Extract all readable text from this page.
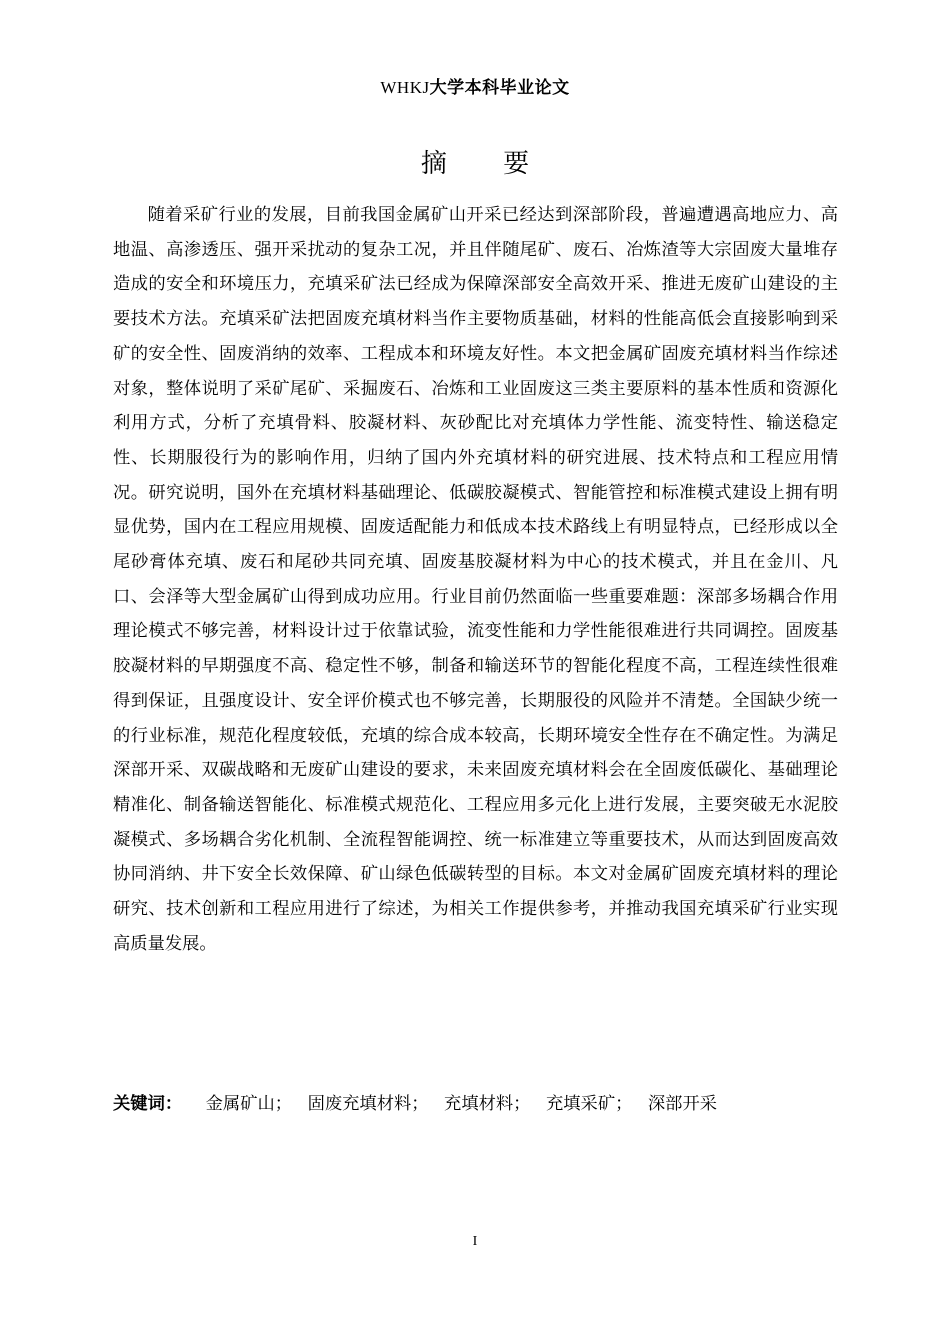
WHKJ大学本科毕业论文
摘 要

随着采矿行业的发展，目前我国金属矿山开采已经达到深部阶段，普遍遭遇高地应力、高地温、高渗透压、强开采扰动的复杂工况，并且伴随尾矿、废石、冶炼渣等大宗固废大量堆存造成的安全和环境压力，充填采矿法已经成为保障深部安全高效开采、推进无废矿山建设的主要技术方法。充填采矿法把固废充填材料当作主要物质基础，材料的性能高低会直接影响到采矿的安全性、固废消纳的效率、工程成本和环境友好性。本文把金属矿固废充填材料当作综述对象，整体说明了采矿尾矿、采掘废石、冶炼和工业固废这三类主要原料的基本性质和资源化利用方式，分析了充填骨料、胶凝材料、灰砂配比对充填体力学性能、流变特性、输送稳定性、长期服役行为的影响作用，归纳了国内外充填材料的研究进展、技术特点和工程应用情况。研究说明，国外在充填材料基础理论、低碳胶凝模式、智能管控和标准模式建设上拥有明显优势，国内在工程应用规模、固废适配能力和低成本技术路线上有明显特点，已经形成以全尾砂膏体充填、废石和尾砂共同充填、固废基胶凝材料为中心的技术模式，并且在金川、凡口、会泽等大型金属矿山得到成功应用。行业目前仍然面临一些重要难题：深部多场耦合作用理论模式不够完善，材料设计过于依靠试验，流变性能和力学性能很难进行共同调控。固废基胶凝材料的早期强度不高、稳定性不够，制备和输送环节的智能化程度不高，工程连续性很难得到保证，且强度设计、安全评价模式也不够完善，长期服役的风险并不清楚。全国缺少统一的行业标准，规范化程度较低，充填的综合成本较高，长期环境安全性存在不确定性。为满足深部开采、双碳战略和无废矿山建设的要求，未来固废充填材料会在全固废低碳化、基础理论精准化、制备输送智能化、标准模式规范化、工程应用多元化上进行发展，主要突破无水泥胶凝模式、多场耦合劣化机制、全流程智能调控、统一标准建立等重要技术，从而达到固废高效协同消纳、井下安全长效保障、矿山绿色低碳转型的目标。本文对金属矿固废充填材料的理论研究、技术创新和工程应用进行了综述，为相关工作提供参考，并推动我国充填采矿行业实现高质量发展。

关键词： 金属矿山； 固废充填材料； 充填材料； 充填采矿； 深部开采
I
